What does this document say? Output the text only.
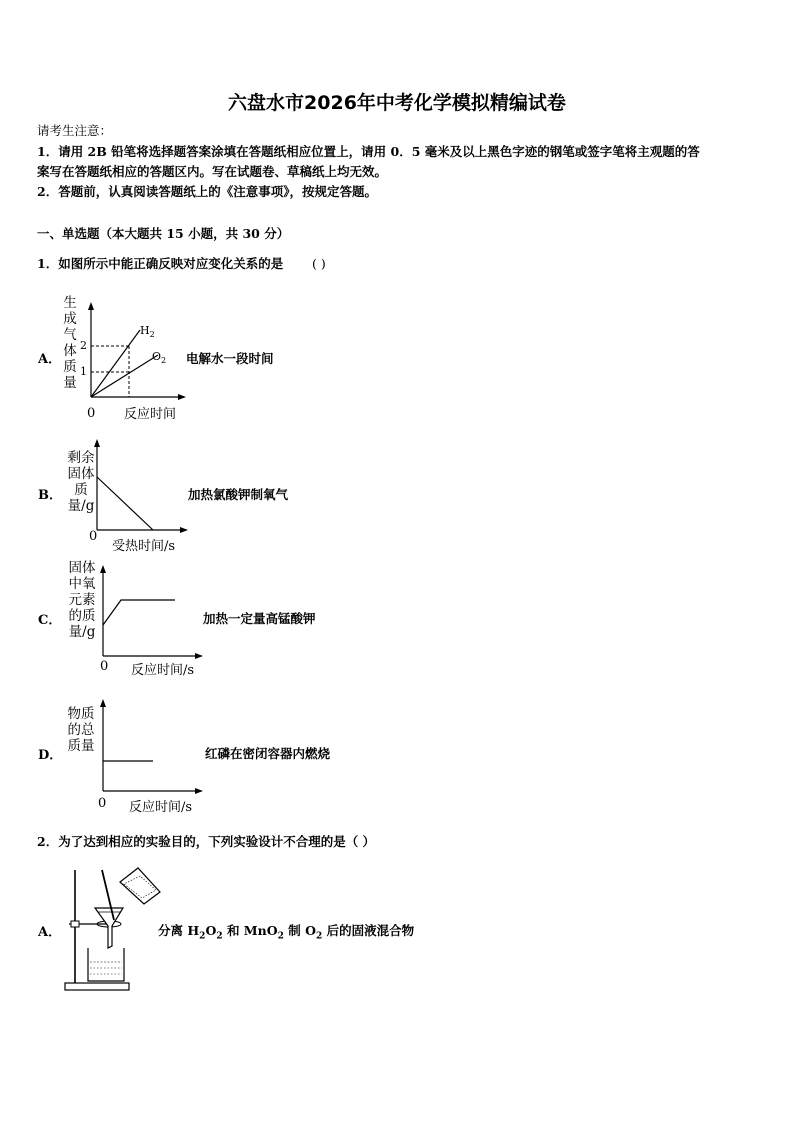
六盘水市2026年中考化学模拟精编试卷
请考生注意：
1．请用 2B 铅笔将选择题答案涂填在答题纸相应位置上，请用 0．5 毫米及以上黑色字迹的钢笔或签字笔将主观题的答
案写在答题纸相应的答题区内。写在试题卷、草稿纸上均无效。
2．答题前，认真阅读答题纸上的《注意事项》，按规定答题。
一、单选题（本大题共 15 小题，共 30 分）
1．如图所示中能正确反映对应变化关系的是 ( )
A．
生成气体质量
2
1
$H_2$
$O_2$
0 反应时间
电解水一段时间
B．
剩余固体质量/g
0
受热时间/s
加热氯酸钾制氧气
C．
固体中氧元素的质量/g
0 反应时间/s
加热一定量高锰酸钾
D．
物质的总质量
0 反应时间/s
红磷在密闭容器内燃烧
2．为了达到相应的实验目的，下列实验设计不合理的是（ ）
A．	分离 $H_2O_2$ 和 MnO$_2$ 制 $O_2$ 后的固液混合物
